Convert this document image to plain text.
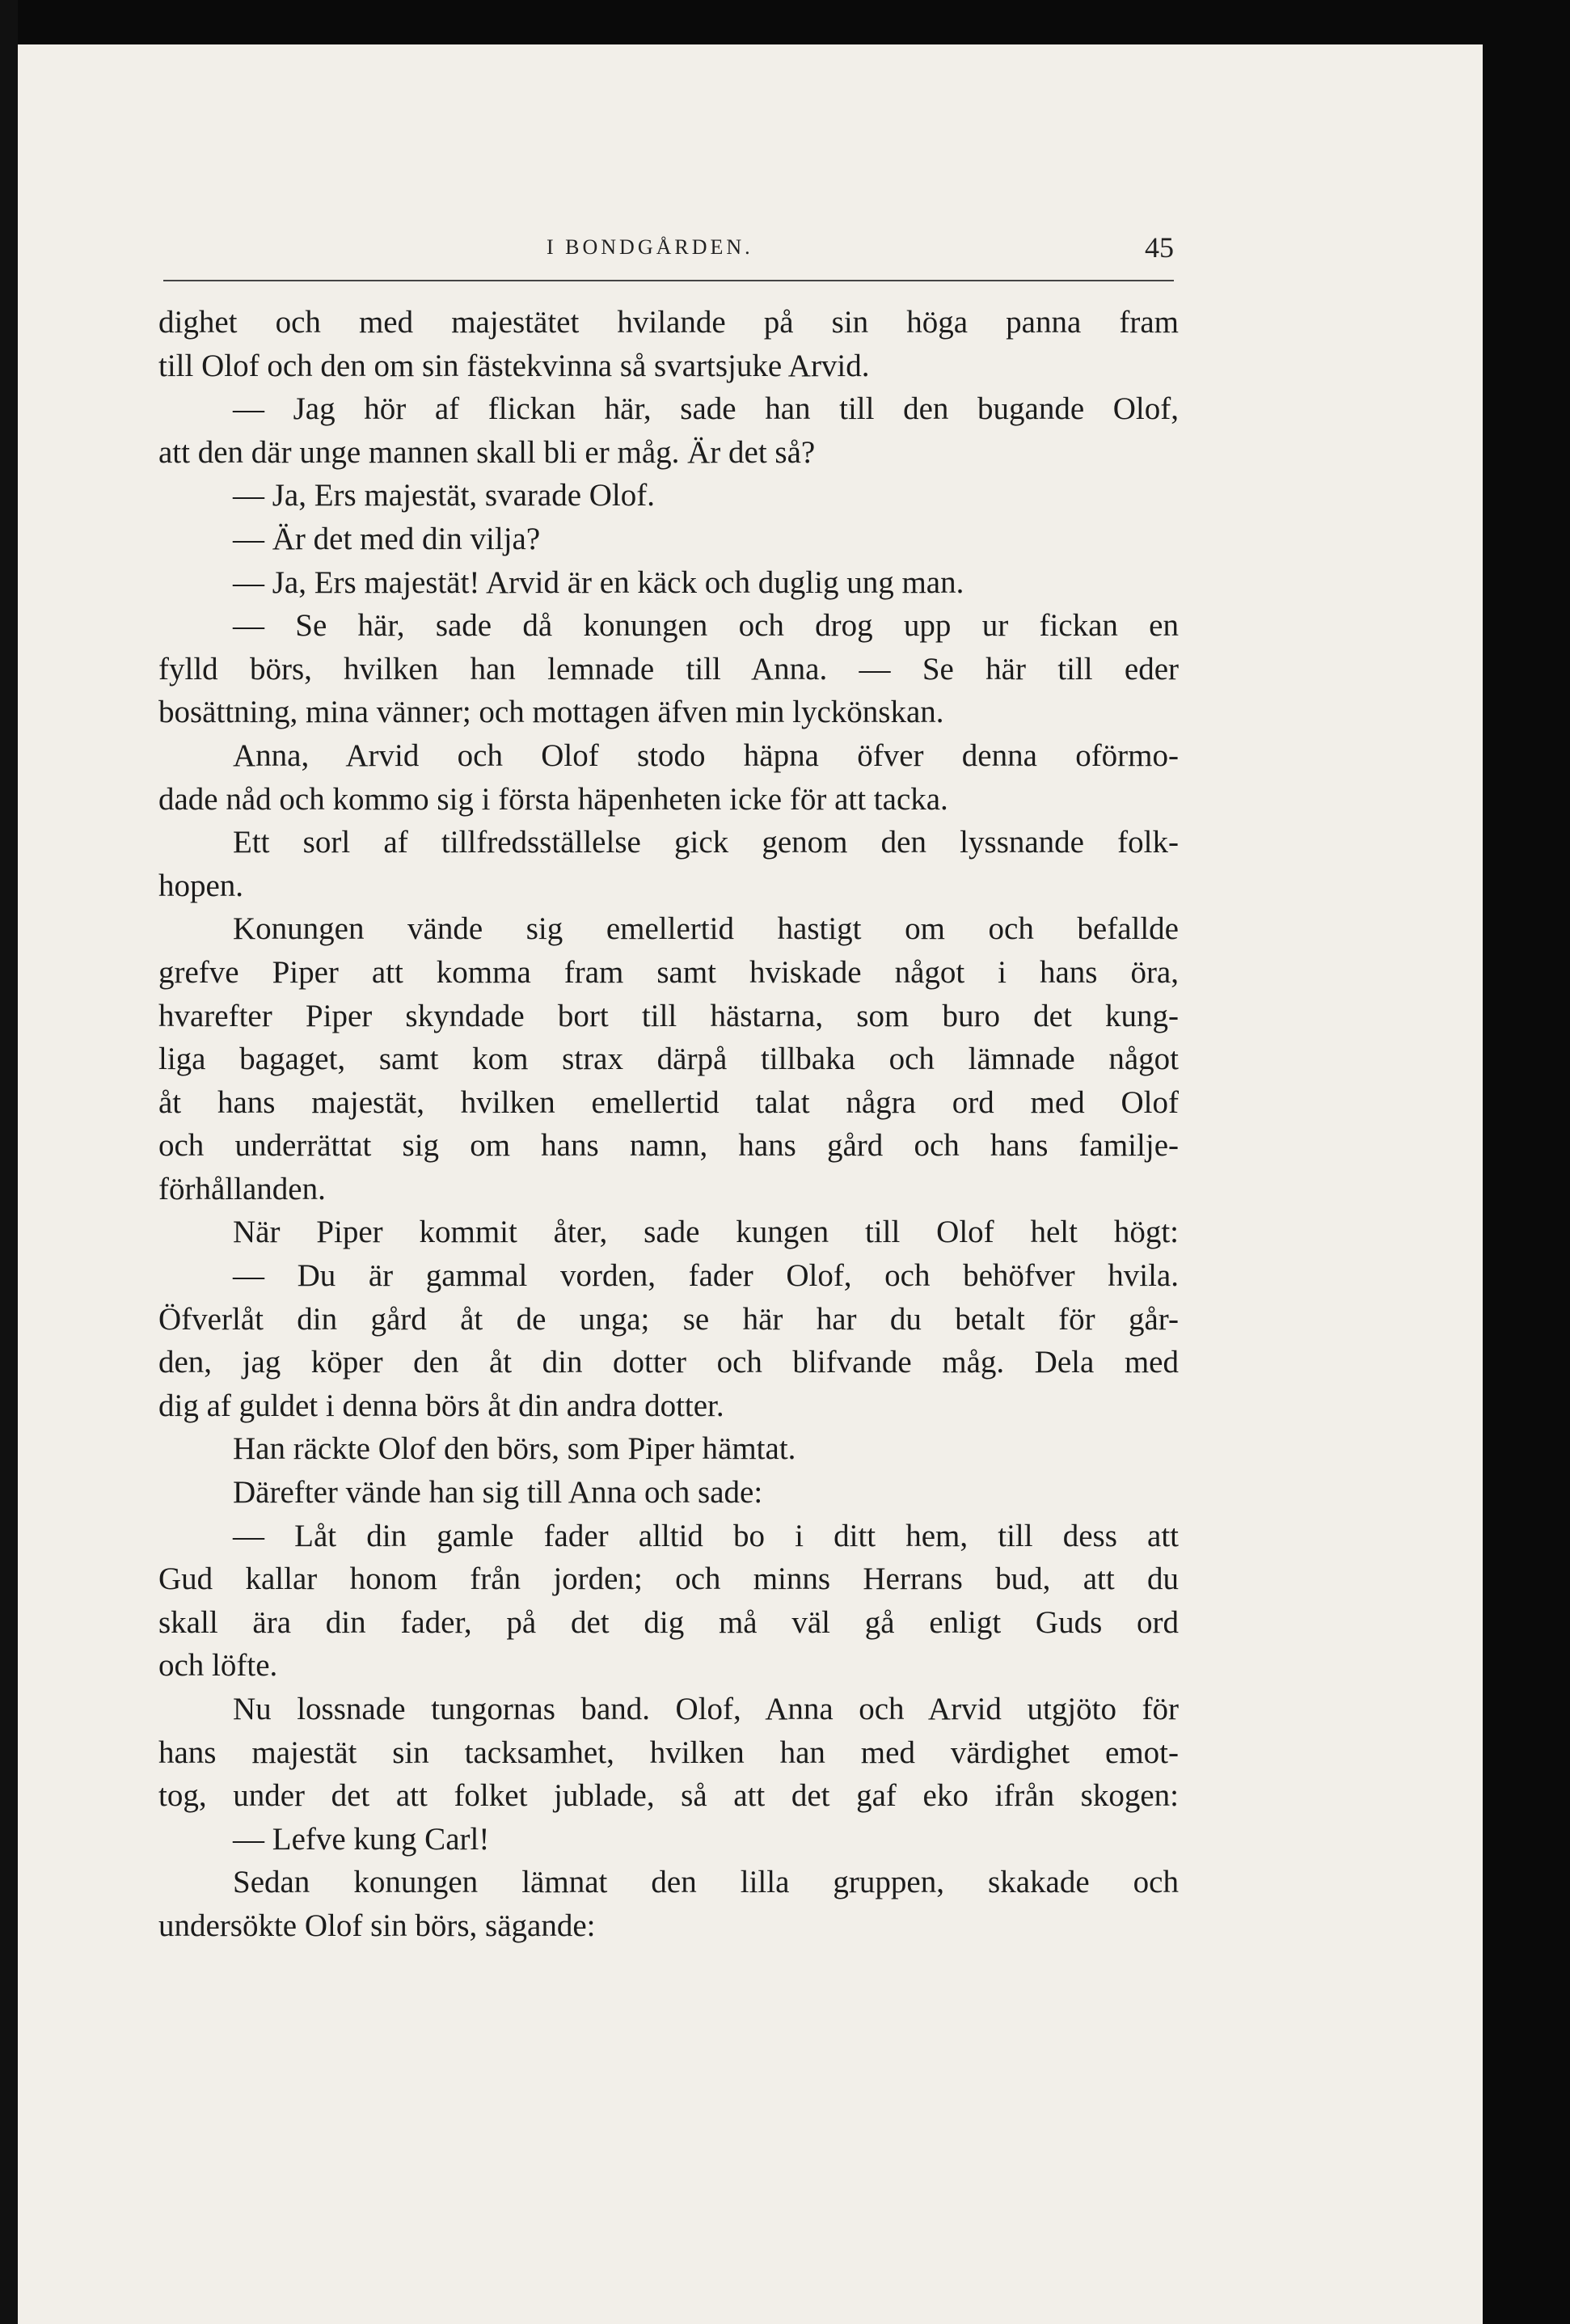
I BONDGÅRDEN.	45
dighet och med majestätet hvilande på sin höga panna fram
till Olof och den om sin fästekvinna så svartsjuke Arvid.
— Jag hör af flickan här, sade han till den bugande Olof,
att den där unge mannen skall bli er måg. Är det så?
— Ja, Ers majestät, svarade Olof.
— Är det med din vilja?
— Ja, Ers majestät! Arvid är en käck och duglig ung man.
— Se här, sade då konungen och drog upp ur fickan en
fylld börs, hvilken han lemnade till Anna. — Se här till eder
bosättning, mina vänner; och mottagen äfven min lyckönskan.
Anna, Arvid och Olof stodo häpna öfver denna oförmo-
dade nåd och kommo sig i första häpenheten icke för att tacka.
Ett sorl af tillfredsställelse gick genom den lyssnande folk-
hopen.
Konungen vände sig emellertid hastigt om och befallde
grefve Piper att komma fram samt hviskade något i hans öra,
hvarefter Piper skyndade bort till hästarna, som buro det kung-
liga bagaget, samt kom strax därpå tillbaka och lämnade något
åt hans majestät, hvilken emellertid talat några ord med Olof
och underrättat sig om hans namn, hans gård och hans familje-
förhållanden.
När Piper kommit åter, sade kungen till Olof helt högt:
— Du är gammal vorden, fader Olof, och behöfver hvila.
Öfverlåt din gård åt de unga; se här har du betalt för går-
den, jag köper den åt din dotter och blifvande måg. Dela med
dig af guldet i denna börs åt din andra dotter.
Han räckte Olof den börs, som Piper hämtat.
Därefter vände han sig till Anna och sade:
— Låt din gamle fader alltid bo i ditt hem, till dess att
Gud kallar honom från jorden; och minns Herrans bud, att du
skall ära din fader, på det dig må väl gå enligt Guds ord
och löfte.
Nu lossnade tungornas band. Olof, Anna och Arvid utgjöto för
hans majestät sin tacksamhet, hvilken han med värdighet emot-
tog, under det att folket jublade, så att det gaf eko ifrån skogen:
— Lefve kung Carl!
Sedan konungen lämnat den lilla gruppen, skakade och
undersökte Olof sin börs, sägande:
